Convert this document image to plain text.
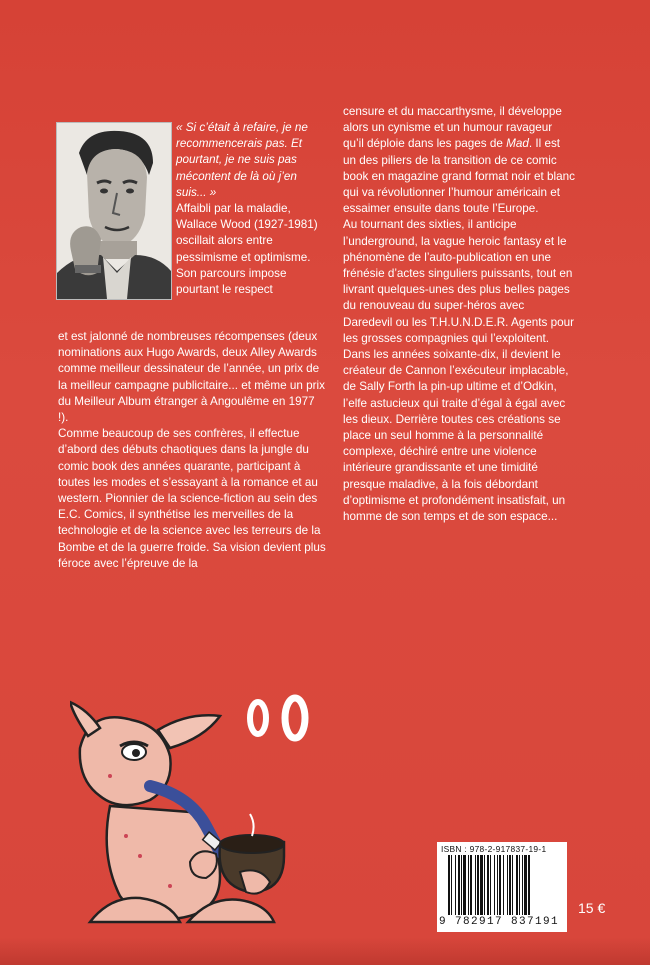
« Si c’était à refaire, je ne recommencerais pas. Et pourtant, je ne suis pas mécontent de là où j’en suis... »

Affaibli par la maladie, Wallace Wood (1927-1981) oscillait alors entre pessimisme et optimisme. Son parcours impose pourtant le respect

et est jalonné de nombreuses récompenses (deux nominations aux Hugo Awards, deux Alley Awards comme meilleur dessinateur de l’année, un prix de la meilleur campagne publicitaire... et même un prix du Meilleur Album étranger à Angoulême en 1977 !).

Comme beaucoup de ses confrères, il effectue d’abord des débuts chaotiques dans la jungle du comic book des années quarante, participant à toutes les modes et s’essayant à la romance et au western. Pionnier de la science-fiction au sein des E.C. Comics, il synthétise les merveilles de la technologie et de la science avec les terreurs de la Bombe et de la guerre froide. Sa vision devient plus féroce avec l’épreuve de la

censure et du maccarthysme, il développe alors un cynisme et un humour ravageur qu’il déploie dans les pages de Mad. Il est un des piliers de la transition de ce comic book en magazine grand format noir et blanc qui va révolutionner l’humour américain et essaimer ensuite dans toute l’Europe.

Au tournant des sixties, il anticipe l’underground, la vague heroic fantasy et le phénomène de l’auto-publication en une frénésie d’actes singuliers puissants, tout en livrant quelques-unes des plus belles pages du renouveau du super-héros avec Daredevil ou les T.H.U.N.D.E.R. Agents pour les grosses compagnies qui l’exploitent.

Dans les années soixante-dix, il devient le créateur de Cannon l’exécuteur implacable, de Sally Forth la pin-up ultime et d’Odkin, l’elfe astucieux qui traite d’égal à égal avec les dieux. Derrière toutes ces créations se place un seul homme à la personnalité complexe, déchiré entre une violence intérieure grandissante et une timidité presque maladive, à la fois débordant d’optimisme et profondément insatisfait, un homme de son temps et de son espace...

ISBN : 978-2-917837-19-1
9 782917 837191
15 €
